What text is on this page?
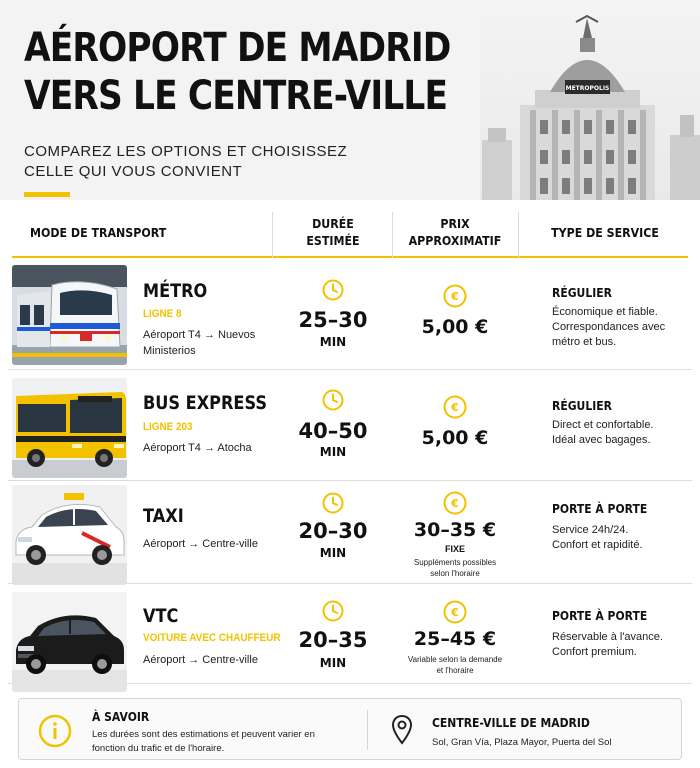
AÉROPORT DE MADRID
VERS LE CENTRE-VILLE
COMPAREZ LES OPTIONS ET CHOISISSEZ
CELLE QUI VOUS CONVIENT
METROPOLIS
MODE DE TRANSPORT
DURÉE
ESTIMÉE
PRIX
APPROXIMATIF
TYPE DE SERVICE
MÉTRO
LIGNE 8
Aéroport T4 → Nuevos
Ministerios
25–30
MIN
€
5,00 €
RÉGULIER
Économique et fiable.
Correspondances avec
métro et bus.
BUS EXPRESS
LIGNE 203
Aéroport T4 → Atocha
40–50
MIN
€
5,00 €
RÉGULIER
Direct et confortable.
Idéal avec bagages.
TAXI
Aéroport → Centre-ville
20–30
MIN
€
30–35 €
FIXE
Suppléments possibles
selon l'horaire
PORTE À PORTE
Service 24h/24.
Confort et rapidité.
VTC
VOITURE AVEC CHAUFFEUR
Aéroport → Centre-ville
20–35
MIN
€
25–45 €
Variable selon la demande
et l'horaire
PORTE À PORTE
Réservable à l'avance.
Confort premium.
À SAVOIR
Les durées sont des estimations et peuvent varier en
fonction du trafic et de l'horaire.
CENTRE-VILLE DE MADRID
Sol, Gran Vía, Plaza Mayor, Puerta del Sol
